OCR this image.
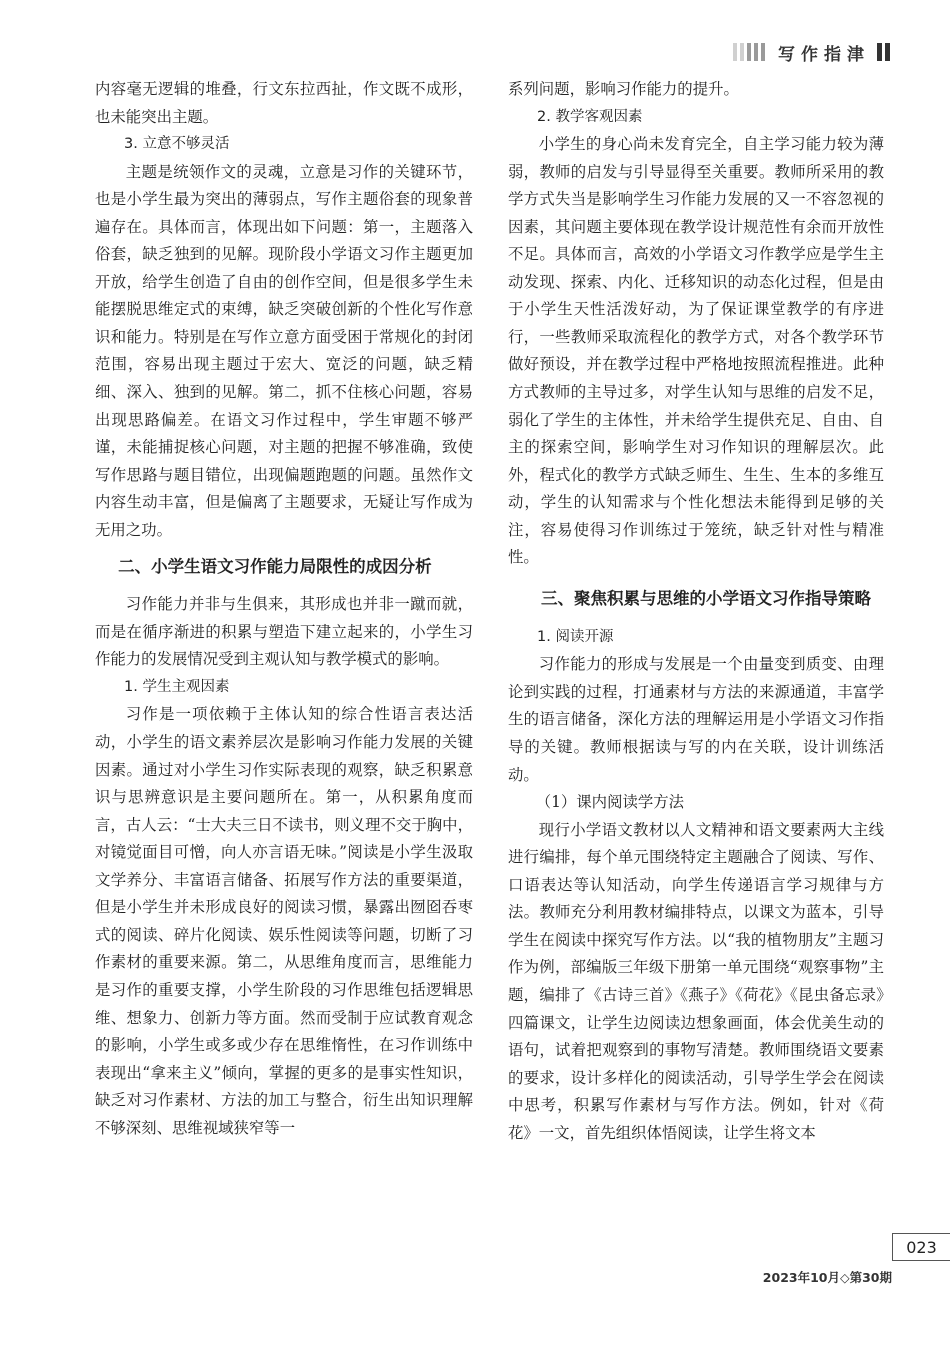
写作指津

内容毫无逻辑的堆叠，行文东拉西扯，作文既不成形，也未能突出主题。

3. 立意不够灵活

主题是统领作文的灵魂，立意是习作的关键环节，也是小学生最为突出的薄弱点，写作主题俗套的现象普遍存在。具体而言，体现出如下问题：第一，主题落入俗套，缺乏独到的见解。现阶段小学语文习作主题更加开放，给学生创造了自由的创作空间，但是很多学生未能摆脱思维定式的束缚，缺乏突破创新的个性化写作意识和能力。特别是在写作立意方面受困于常规化的封闭范围，容易出现主题过于宏大、宽泛的问题，缺乏精细、深入、独到的见解。第二，抓不住核心问题，容易出现思路偏差。在语文习作过程中，学生审题不够严谨，未能捕捉核心问题，对主题的把握不够准确，致使写作思路与题目错位，出现偏题跑题的问题。虽然作文内容生动丰富，但是偏离了主题要求，无疑让写作成为无用之功。

二、小学生语文习作能力局限性的成因分析

习作能力并非与生俱来，其形成也并非一蹴而就，而是在循序渐进的积累与塑造下建立起来的，小学生习作能力的发展情况受到主观认知与教学模式的影响。

1. 学生主观因素

习作是一项依赖于主体认知的综合性语言表达活动，小学生的语文素养层次是影响习作能力发展的关键因素。通过对小学生习作实际表现的观察，缺乏积累意识与思辨意识是主要问题所在。第一，从积累角度而言，古人云：“士大夫三日不读书，则义理不交于胸中，对镜觉面目可憎，向人亦言语无味。”阅读是小学生汲取文学养分、丰富语言储备、拓展写作方法的重要渠道，但是小学生并未形成良好的阅读习惯，暴露出囫囵吞枣式的阅读、碎片化阅读、娱乐性阅读等问题，切断了习作素材的重要来源。第二，从思维角度而言，思维能力是习作的重要支撑，小学生阶段的习作思维包括逻辑思维、想象力、创新力等方面。然而受制于应试教育观念的影响，小学生或多或少存在思维惰性，在习作训练中表现出“拿来主义”倾向，掌握的更多的是事实性知识，缺乏对习作素材、方法的加工与整合，衍生出知识理解不够深刻、思维视域狭窄等一

系列问题，影响习作能力的提升。

2. 教学客观因素

小学生的身心尚未发育完全，自主学习能力较为薄弱，教师的启发与引导显得至关重要。教师所采用的教学方式失当是影响学生习作能力发展的又一不容忽视的因素，其问题主要体现在教学设计规范性有余而开放性不足。具体而言，高效的小学语文习作教学应是学生主动发现、探索、内化、迁移知识的动态化过程，但是由于小学生天性活泼好动，为了保证课堂教学的有序进行，一些教师采取流程化的教学方式，对各个教学环节做好预设，并在教学过程中严格地按照流程推进。此种方式教师的主导过多，对学生认知与思维的启发不足，弱化了学生的主体性，并未给学生提供充足、自由、自主的探索空间，影响学生对习作知识的理解层次。此外，程式化的教学方式缺乏师生、生生、生本的多维互动，学生的认知需求与个性化想法未能得到足够的关注，容易使得习作训练过于笼统，缺乏针对性与精准性。

三、聚焦积累与思维的小学语文习作指导策略

1. 阅读开源

习作能力的形成与发展是一个由量变到质变、由理论到实践的过程，打通素材与方法的来源通道，丰富学生的语言储备，深化方法的理解运用是小学语文习作指导的关键。教师根据读与写的内在关联，设计训练活动。

（1）课内阅读学方法

现行小学语文教材以人文精神和语文要素两大主线进行编排，每个单元围绕特定主题融合了阅读、写作、口语表达等认知活动，向学生传递语言学习规律与方法。教师充分利用教材编排特点，以课文为蓝本，引导学生在阅读中探究写作方法。以“我的植物朋友”主题习作为例，部编版三年级下册第一单元围绕“观察事物”主题，编排了《古诗三首》《燕子》《荷花》《昆虫备忘录》四篇课文，让学生边阅读边想象画面，体会优美生动的语句，试着把观察到的事物写清楚。教师围绕语文要素的要求，设计多样化的阅读活动，引导学生学会在阅读中思考，积累写作素材与写作方法。例如，针对《荷花》一文，首先组织体悟阅读，让学生将文本

023
2023年10月◇第30期
